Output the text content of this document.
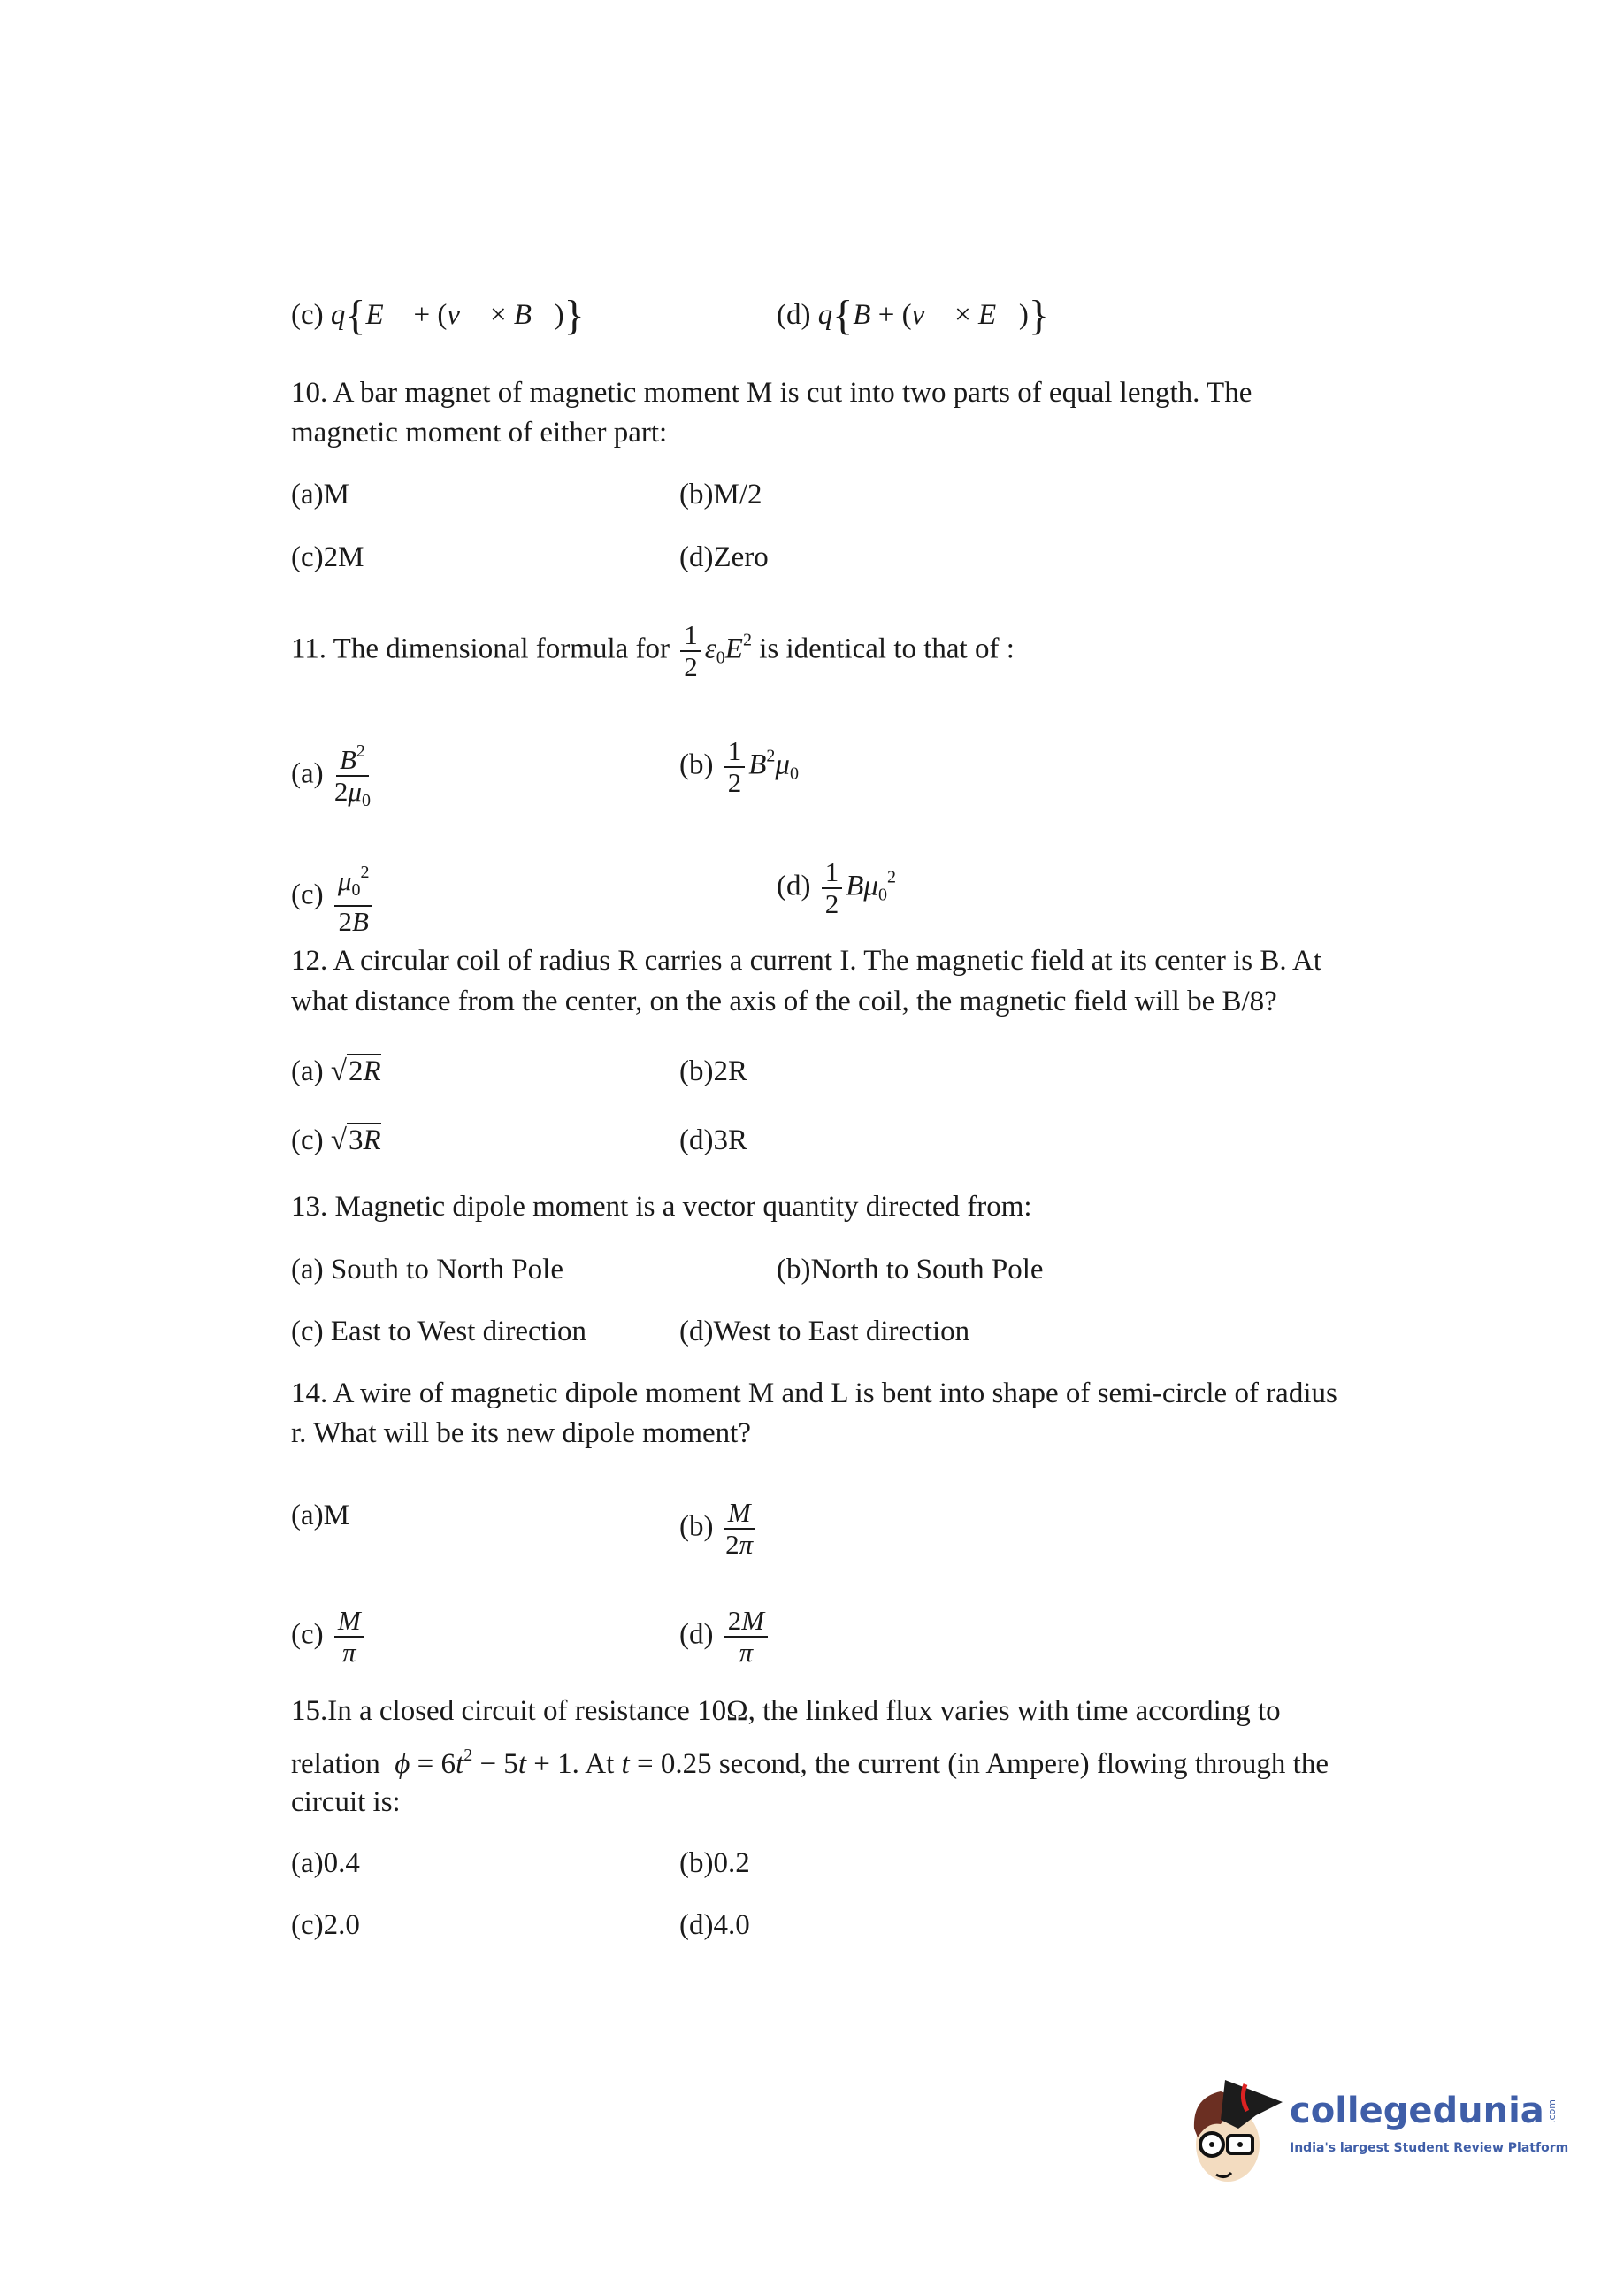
(c) q{E⃗ + (v⃗ × B⃗)}	(d) q{B + (v⃗ × E⃗)}
10. A bar magnet of magnetic moment M is cut into two parts of equal length. The
magnetic moment of either part:
(a)M	(b)M/2
(c)2M	(d)Zero
11. The dimensional formula for $\frac{1}{2} \varepsilon_0E^2$ is identical to that of :
$(a) \frac{B^2}{2\mu_0}$	$(b) \frac{1}{2} B^2\mu_0$
$(c) \frac{\mu_0^2}{2B}$	$(d) \frac{1}{2} B\mu_0^2$
12. A circular coil of radius R carries a current I. The magnetic field at its center is B. At
what distance from the center, on the axis of the coil, the magnetic field will be B/8?
(a) √2R	(b)2R
(c) √3R	(d)3R
13. Magnetic dipole moment is a vector quantity directed from:
(a) South to North Pole	(b)North to South Pole
(c) East to West direction	(d)West to East direction
14. A wire of magnetic dipole moment M and L is bent into shape of semi-circle of radius
r. What will be its new dipole moment?
(a)M	$(b) \frac{M}{2\pi}$
$(c) \frac{M}{\pi}$	$(d) \frac{2M}{\pi}$
15.In a closed circuit of resistance 10Ω, the linked flux varies with time according to
relation $\phi = 6t^2 - 5t + 1$. At t = 0.25 second, the current (in Ampere) flowing through the
circuit is:
(a)0.4	(b)0.2
(c)2.0	(d)4.0
collegedunia .com
India's largest Student Review Platform
